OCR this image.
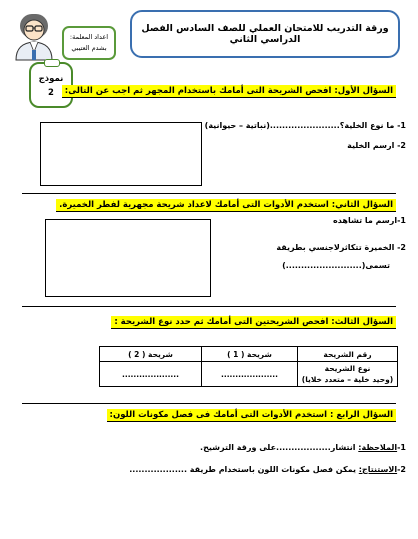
ورقة التدريب للامتحان العملي للصف السادس الفصل الدراسي الثاني
اعداد المعلمة:
بشدم العتيبي
نموذج
2	السؤال الأول: افحص الشريحة التى أمامك باستخدام المجهر ثم اجب عن التالى:
1- ما نوع الخلية؟.......................(نباتية – حيوانية)
2- ارسم الخلية
السؤال الثاني: استخدم الأدوات التى أمامك لاعداد شريحة مجهرية لفطر الخميرة.
1-ارسم ما تشاهده
2- الخميرة تتكاثرلاجنسي بطريقة
تسمى(.........................)
السؤال الثالث: افحص الشريحتين التى أمامك ثم حدد نوع الشريحة :
رقم الشريحة	شريحة ( 1 )	شريحة ( 2 )

نوع الشريحة
(وحيد خلية – متعدد خلايا)	....................	....................
السؤال الرابع : استخدم الأدوات التى أمامك فى فصل مكونات اللون:
1-الملاحظة: انتشار..................على ورقة الترشيح.
2-الاستنتاج: يمكن فصل مكونات اللون باستخدام طريقة ...................
